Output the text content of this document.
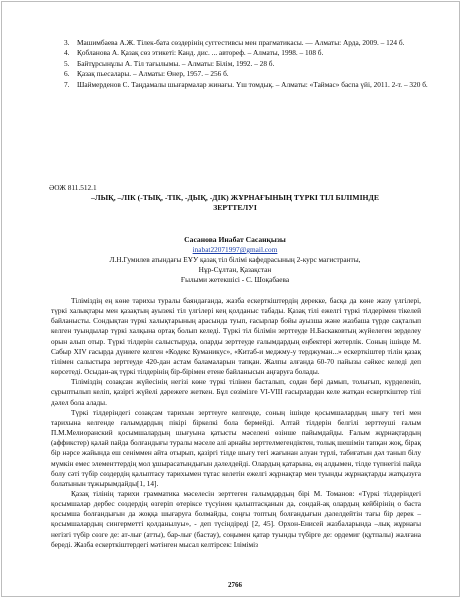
3.	Машимбаева А.Ж. Тілек-бата сөздерінің суггестивсы мен прагматикасы. — Алматы: Арда, 2009. – 124 б.
4.	Қобланова А. Қазақ сөз этикеті: Канд. дис. ... автореф. – Алматы, 1998. – 108 б.
5.	Байтұрсынұлы А. Тіл тағылымы. – Алматы: Білім, 1992. – 28 б.
6.	Қазақ пьесалары. – Алматы: Өнер, 1957. – 256 б.
7.	Шаймерденов С. Таңдамалы шығармалар жинағы. Үш томдық. – Алматы: «Таймас» баспа үйі, 2011. 2-т. – 320 б.
ӘОЖ 811.512.1
–ЛЫҚ, –ЛІК (-ТЫҚ, -ТІК, -ДЫҚ, -ДІК) ЖҰРНАҒЫНЫҢ ТҮРКІ ТІЛ БІЛІМІНДЕ
ЗЕРТТЕЛУІ
Сасанова Инабат Сасанқызы
inabat22071997@gmail.com
Л.Н.Гумилев атындағы ЕҰУ қазақ тіл білімі кафедрасының 2-курс магистранты,
Нұр-Сұлтан, Қазақстан
Ғылыми жетекшісі - С. Шоқабаева

Тіліміздің ең көне тарихы туралы баяндағанда, жазба ескерткіштердің дерекке, басқа да көне жазу үлгілері, түркі халықтары мен қазақтың ауызекі тіл үлгілері кең қолданыс табады. Қазақ тілі ежелгі түркі тілдерімен тікелей байланысты. Сондықтан түркі халықтарының арасында туып, ғасырлар бойы ауызша және жазбаша түрде сақталып келген туындылар түркі халқына ортақ болып келеді. Түркі тіл білімін зерттеуде Н.Баскаковтың жүйелеген зерделеу орын алып отыр. Түркі тілдерін салыстыруда, оларды зерттеуде ғалымдардың еңбектері жетерлік. Соның ішінде М. Сабыр XIV ғасырда дүниеге келген «Кодекс Куманикус», «Китаб-и меджму-у терджуман...» ескерткіштер тілін қазақ тілімен салыстыра зерттеуде 420-дан астам баламаларын тапқан. Жалпы алғанда 60-70 пайызы сәйкес келеді деп көрсетеді. Осыдан-ақ түркі тілдерінің бір-бірімен етене байланысын аңғаруға болады.

Тіліміздің созақсан жүйесінің негізі көне түркі тілінен басталып, содан бері дамып, толығып, күрделеніп, сұрыптылып келіп, қазіргі жүйелі дәрежеге жеткен. Бұл сөзімізге VI-VIII ғасырлардан келе жатқан ескерткіштер тілі дәлел бола алады.

Түркі тілдеріндегі созақсам тарихын зерттеуге келгенде, соның ішінде қосымшалардың шығу тегі мен тарихына келгенде ғалымдардың пікірі біркелкі бола бермейді. Алтай тілдерін белгілі зерттеуші ғалым П.М.Мелиоранский қосымшалардың шығуына қатысты мәселені өзінше пайымдайды. Ғалым жұрнақтардың (аффикстер) қалай пайда болғандығы туралы мәселе алі арнайы зерттелмегендіктен, толық шешімін тапқан жоқ, бірақ бір нәрсе жайында еш сеніммен айта отырып, қазіргі тілде шығу тегі жағынан алуан түрлі, табиғатын дәл танып білу мүмкін емес элементтердің мол ұшырасатындығын дәлелдейді. Олардың қатарына, ең алдымен, тілде түпнегізі пайда болу сәті түбір сөздердің қалыптасу тарихымен тұтас келетін ежелгі жұрнақтар мен туынды жұрнақтарды жатқызуға болатынын тұжырымдайды[1, 14].

Қазақ тілінің тарихи грамматика мәселесін зерттеген ғалымдардың бірі М. Томанов: «Түркі тілдеріндегі қосымшалар дербес сөздердің өзгеріп өтеріксе түсуінен қалыптасқанын да, сондай-ақ олардың кейбірінің о баста қосымша болғандығын да жоққа шығаруға болмайды, соңғы топтың болғандығын дәлелдейтін тағы бір дерек – қосымшалардың сингерметті қолданылуы», - деп түсіндіреді [2, 45]. Орхон-Енисей жазбаларында –лық жұрнағы негізгі түбір сөзге де: ат-лығ (атты), бар-лығ (бастау), соңымен қатар туынды түбірге де: ордемиг (құтпалы) жалғана береді. Жазба ескерткіштердегі мәтінген мысал келтірсек: Іліміміз

2766
